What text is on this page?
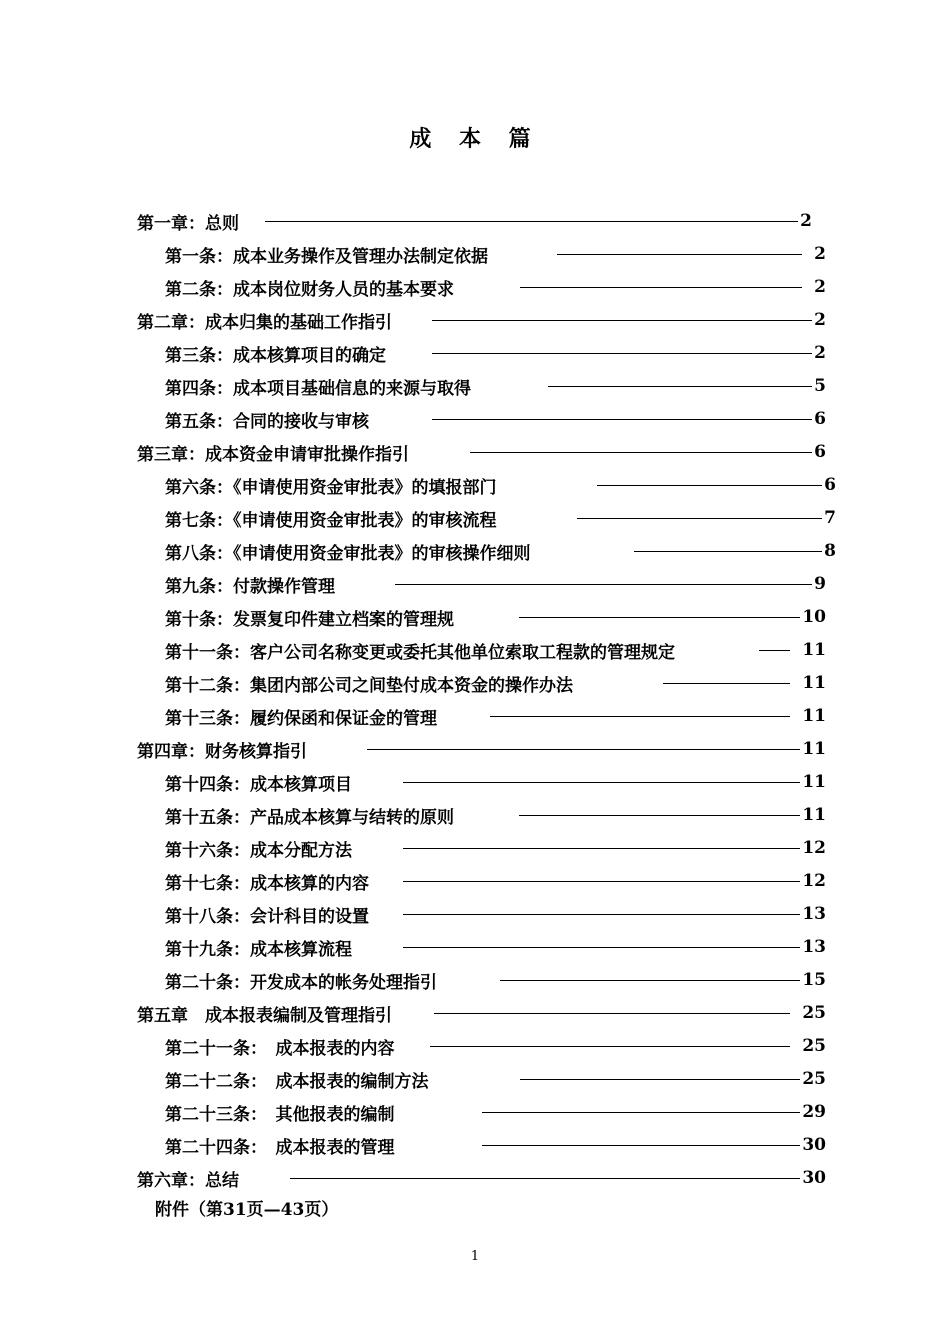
成 本 篇
第一章：总则	2
第一条：成本业务操作及管理办法制定依据	2
第二条：成本岗位财务人员的基本要求	2
第二章：成本归集的基础工作指引	2
第三条：成本核算项目的确定	2
第四条：成本项目基础信息的来源与取得	5
第五条：合同的接收与审核	6
第三章：成本资金申请审批操作指引	6
第六条：《申请使用资金审批表》的填报部门	6
第七条：《申请使用资金审批表》的审核流程	7
第八条：《申请使用资金审批表》的审核操作细则	8
第九条：付款操作管理	9
第十条：发票复印件建立档案的管理规	10
第十一条：客户公司名称变更或委托其他单位索取工程款的管理规定	11
第十二条：集团内部公司之间垫付成本资金的操作办法	11
第十三条：履约保函和保证金的管理	11
第四章：财务核算指引	11
第十四条：成本核算项目	11
第十五条：产品成本核算与结转的原则	11
第十六条：成本分配方法	12
第十七条：成本核算的内容	12
第十八条：会计科目的设置	13
第十九条：成本核算流程	13
第二十条：开发成本的帐务处理指引	15
第五章　成本报表编制及管理指引	25
第二十一条：　成本报表的内容	25
第二十二条：　成本报表的编制方法	25
第二十三条：　其他报表的编制	29
第二十四条：　成本报表的管理	30
第六章：总结	30
附件（第31页—43页）
1
